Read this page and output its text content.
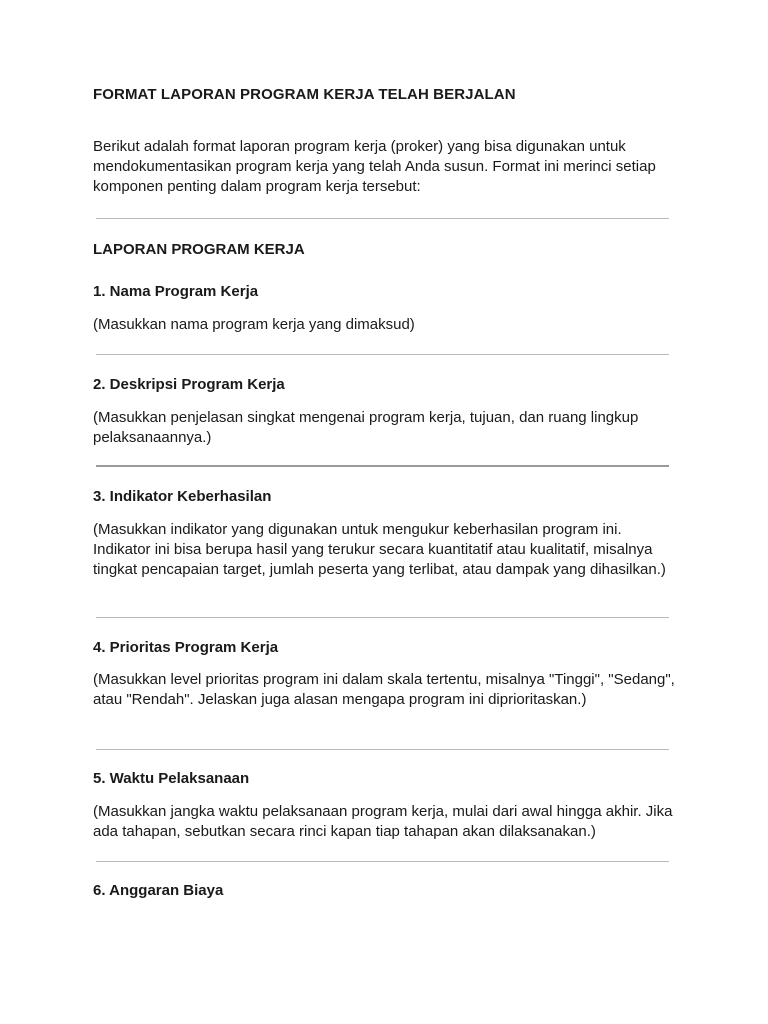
FORMAT LAPORAN PROGRAM KERJA TELAH BERJALAN

Berikut adalah format laporan program kerja (proker) yang bisa digunakan untuk mendokumentasikan program kerja yang telah Anda susun. Format ini merinci setiap komponen penting dalam program kerja tersebut:

LAPORAN PROGRAM KERJA
1. Nama Program Kerja

(Masukkan nama program kerja yang dimaksud)

2. Deskripsi Program Kerja

(Masukkan penjelasan singkat mengenai program kerja, tujuan, dan ruang lingkup pelaksanaannya.)

3. Indikator Keberhasilan

(Masukkan indikator yang digunakan untuk mengukur keberhasilan program ini. Indikator ini bisa berupa hasil yang terukur secara kuantitatif atau kualitatif, misalnya tingkat pencapaian target, jumlah peserta yang terlibat, atau dampak yang dihasilkan.)

4. Prioritas Program Kerja

(Masukkan level prioritas program ini dalam skala tertentu, misalnya "Tinggi", "Sedang", atau "Rendah". Jelaskan juga alasan mengapa program ini diprioritaskan.)

5. Waktu Pelaksanaan

(Masukkan jangka waktu pelaksanaan program kerja, mulai dari awal hingga akhir. Jika ada tahapan, sebutkan secara rinci kapan tiap tahapan akan dilaksanakan.)

6. Anggaran Biaya
